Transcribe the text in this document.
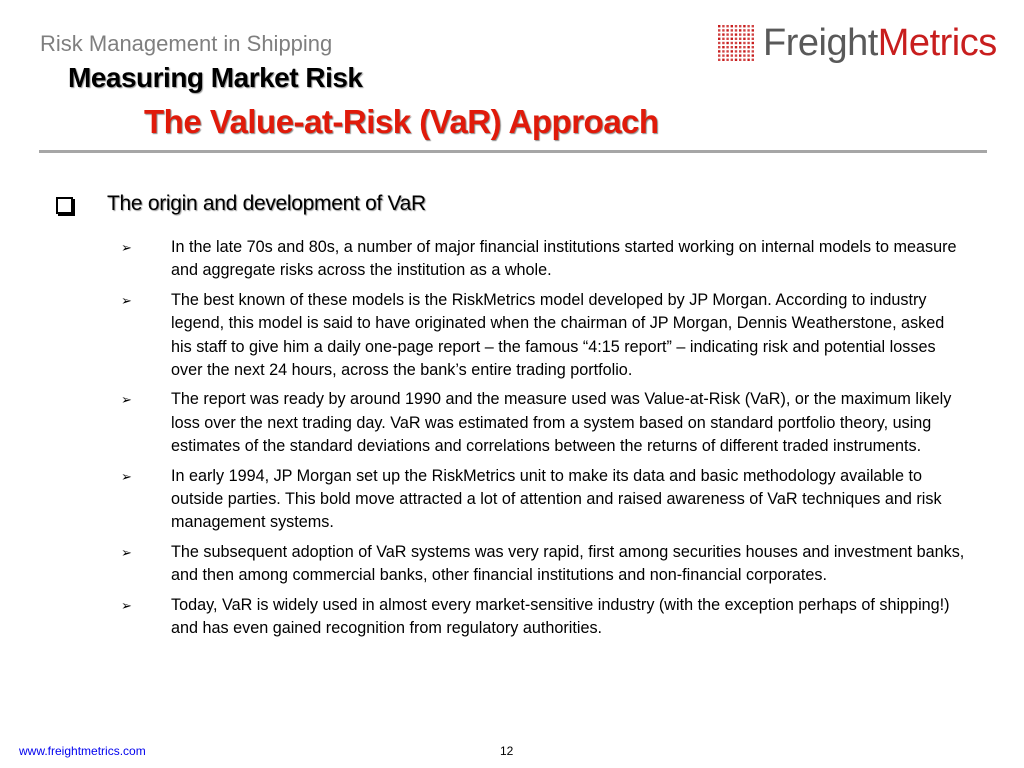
Risk Management in Shipping
Measuring Market Risk
The Value-at-Risk (VaR) Approach
FreightMetrics
The origin and development of VaR
➢	In the late 70s and 80s, a number of major financial institutions started working on internal models to measure and aggregate risks across the institution as a whole.
➢	The best known of these models is the RiskMetrics model developed by JP Morgan. According to industry legend, this model is said to have originated when the chairman of JP Morgan, Dennis Weatherstone, asked his staff to give him a daily one-page report – the famous “4:15 report” – indicating risk and potential losses over the next 24 hours, across the bank’s entire trading portfolio.
➢	The report was ready by around 1990 and the measure used was Value-at-Risk (VaR), or the maximum likely loss over the next trading day. VaR was estimated from a system based on standard portfolio theory, using estimates of the standard deviations and correlations between the returns of different traded instruments.
➢	In early 1994, JP Morgan set up the RiskMetrics unit to make its data and basic methodology available to outside parties. This bold move attracted a lot of attention and raised awareness of VaR techniques and risk management systems.
➢	The subsequent adoption of VaR systems was very rapid, first among securities houses and investment banks, and then among commercial banks, other financial institutions and non-financial corporates.
➢	Today, VaR is widely used in almost every market-sensitive industry (with the exception perhaps of shipping!) and has even gained recognition from regulatory authorities.
www.freightmetrics.com	12
